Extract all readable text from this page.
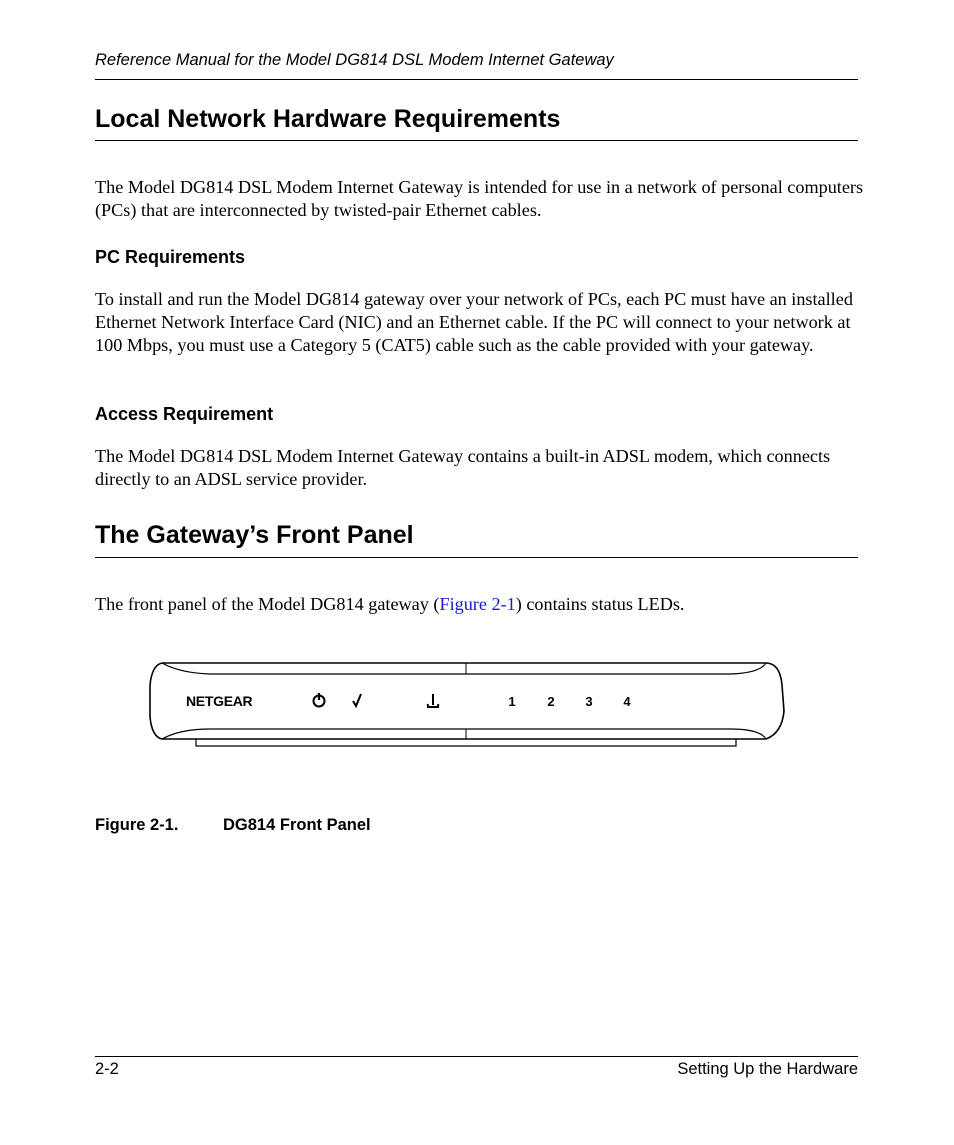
Reference Manual for the Model DG814 DSL Modem Internet Gateway
Local Network Hardware Requirements

The Model DG814 DSL Modem Internet Gateway is intended for use in a network of personal computers (PCs) that are interconnected by twisted-pair Ethernet cables.

PC Requirements

To install and run the Model DG814 gateway over your network of PCs, each PC must have an installed Ethernet Network Interface Card (NIC) and an Ethernet cable. If the PC will connect to your network at 100 Mbps, you must use a Category 5 (CAT5) cable such as the cable provided with your gateway.

Access Requirement

The Model DG814 DSL Modem Internet Gateway contains a built-in ADSL modem, which connects directly to an ADSL service provider.

The Gateway’s Front Panel

The front panel of the Model DG814 gateway (Figure 2-1) contains status LEDs.

NETGEAR	1 2 3 4
Figure 2-1.	DG814 Front Panel
2-2	Setting Up the Hardware
